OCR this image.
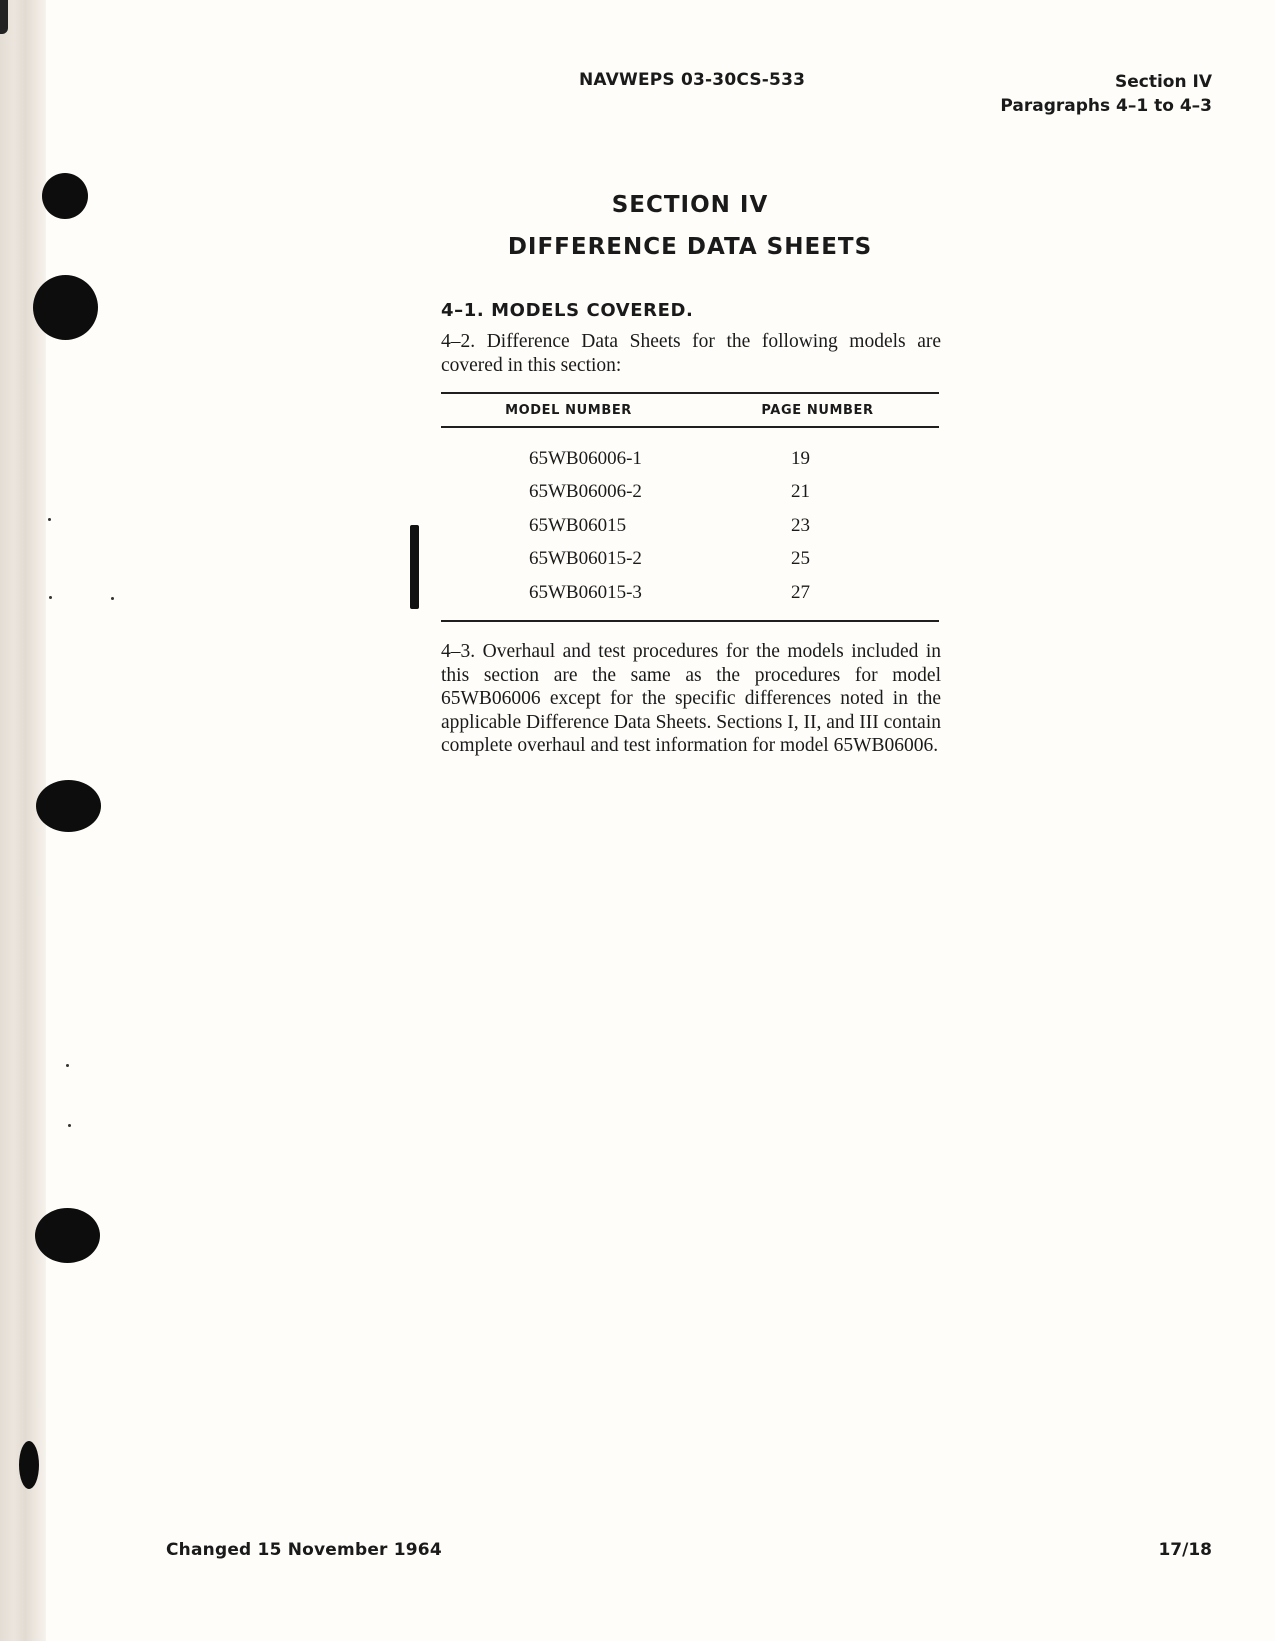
NAVWEPS 03-30CS-533	Section IV
Paragraphs 4–1 to 4–3
SECTION IV
DIFFERENCE DATA SHEETS
4–1. MODELS COVERED.
4–2. Difference Data Sheets for the following models are covered in this section:
MODEL NUMBER	PAGE NUMBER
65WB06006-1	19
65WB06006-2	21
65WB06015	23
65WB06015-2	25
65WB06015-3	27
4–3. Overhaul and test procedures for the models included in this section are the same as the procedures for model 65WB06006 except for the specific differences noted in the applicable Difference Data Sheets. Sections I, II, and III contain complete overhaul and test information for model 65WB06006.
Changed 15 November 1964	17/18
